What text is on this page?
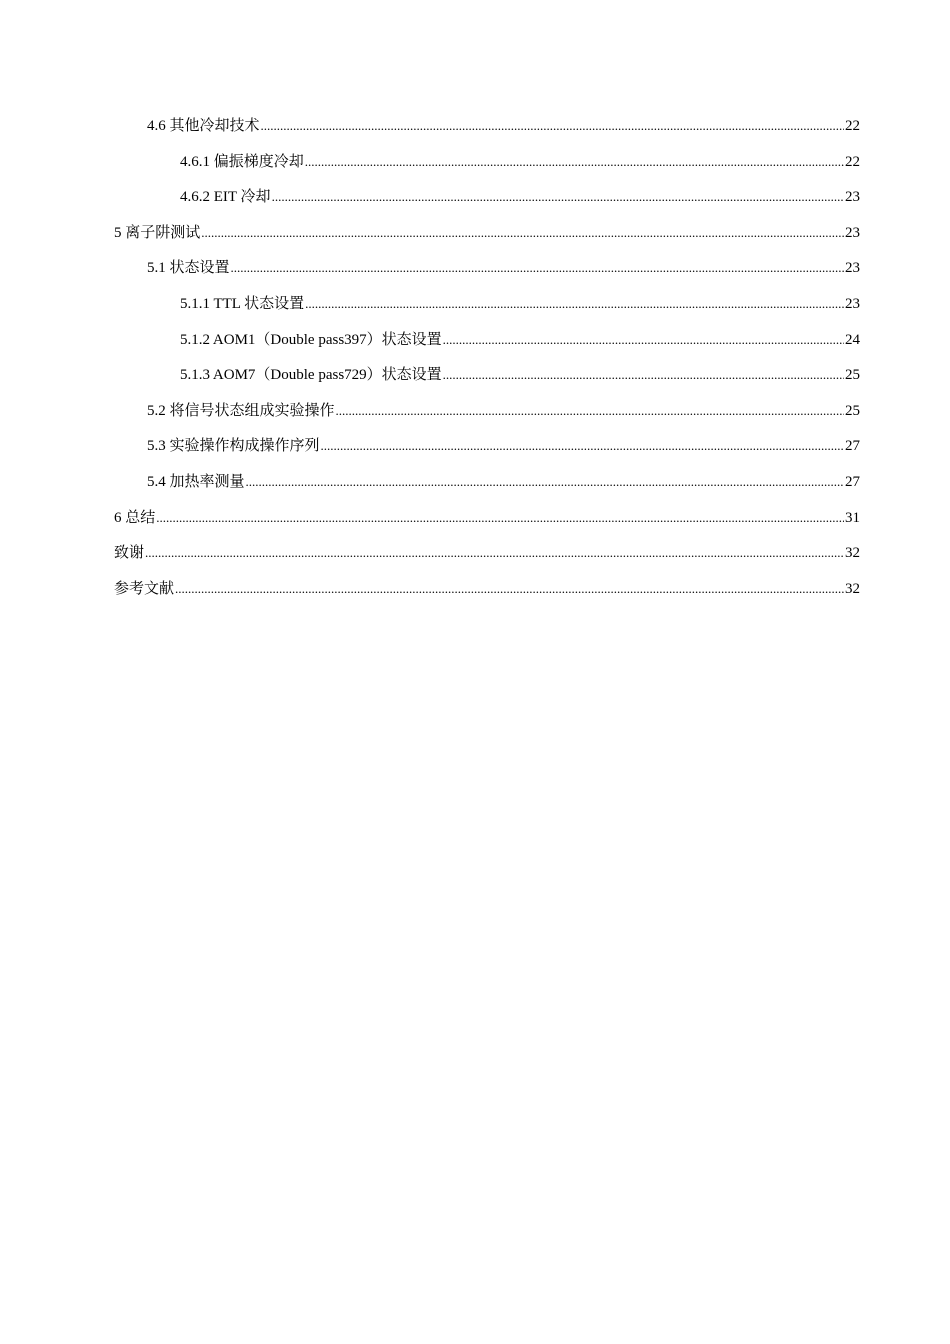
4.6 其他冷却技术 .....	22
4.6.1 偏振梯度冷却 .....	22
4.6.2 EIT 冷却 .....	23
5 离子阱测试 .....	23
5.1 状态设置 .....	23
5.1.1 TTL 状态设置 .....	23
5.1.2 AOM1（Double pass397）状态设置 .....	24
5.1.3 AOM7（Double pass729）状态设置 .....	25
5.2 将信号状态组成实验操作 .....	25
5.3 实验操作构成操作序列 .....	27
5.4 加热率测量 .....	27
6 总结 .....	31
致谢 .....	32
参考文献 .....	32
